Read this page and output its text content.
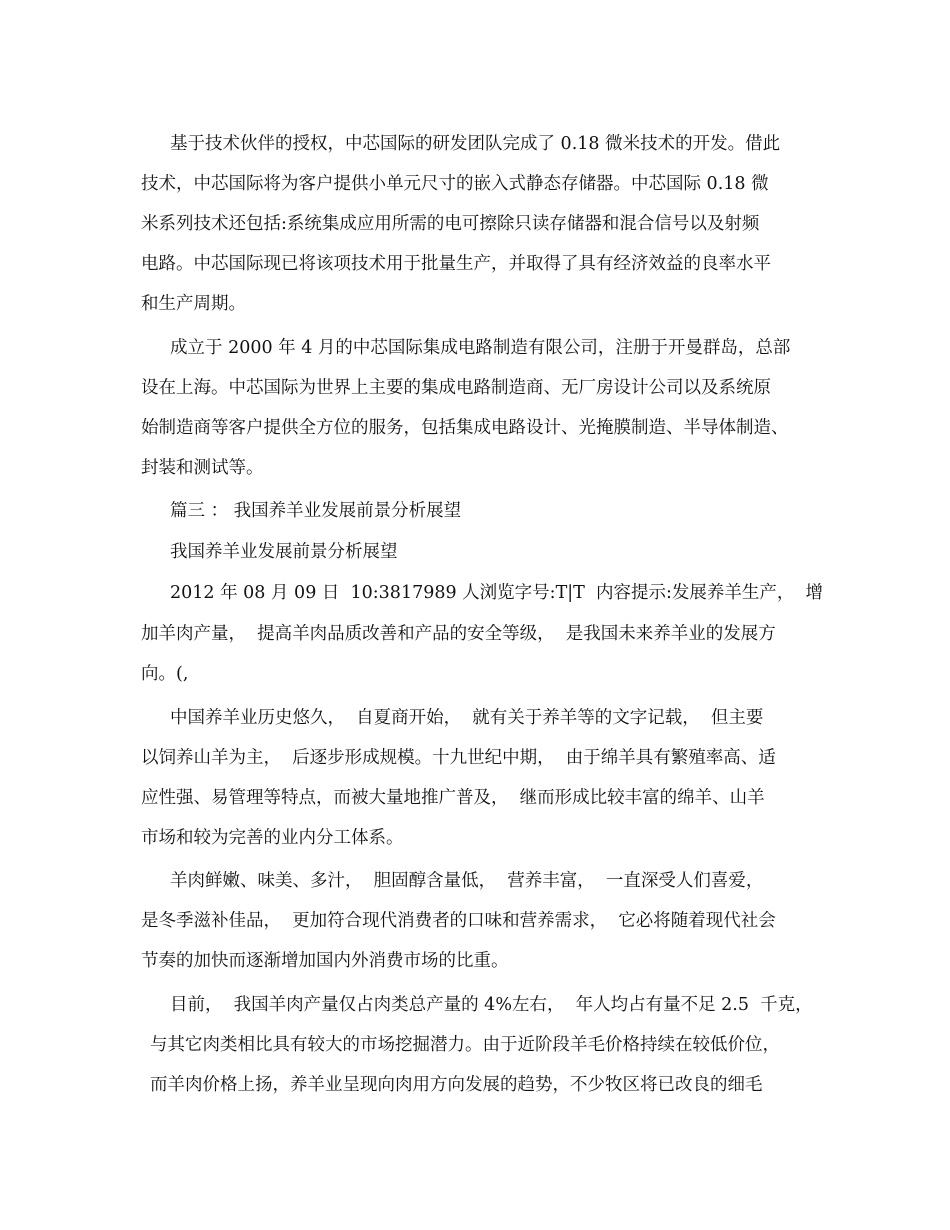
基于技术伙伴的授权，中芯国际的研发团队完成了 0.18 微米技术的开发。借此
技术，中芯国际将为客户提供小单元尺寸的嵌入式静态存储器。中芯国际 0.18 微
米系列技术还包括:系统集成应用所需的电可擦除只读存储器和混合信号以及射频
电路。中芯国际现已将该项技术用于批量生产，并取得了具有经济效益的良率水平
和生产周期。
成立于 2000 年 4 月的中芯国际集成电路制造有限公司，注册于开曼群岛，总部
设在上海。中芯国际为世界上主要的集成电路制造商、无厂房设计公司以及系统原
始制造商等客户提供全方位的服务，包括集成电路设计、光掩膜制造、半导体制造、
封装和测试等。
篇三 ： 我国养羊业发展前景分析展望
我国养羊业发展前景分析展望
2012 年 08 月 09 日  10:3817989 人浏览字号:T|T  内容提示:发展养羊生产，  增
加羊肉产量，  提高羊肉品质改善和产品的安全等级，  是我国未来养羊业的发展方
向。(,
中国养羊业历史悠久，  自夏商开始，  就有关于养羊等的文字记载，  但主要
以饲养山羊为主，  后逐步形成规模。十九世纪中期，  由于绵羊具有繁殖率高、适
应性强、易管理等特点，而被大量地推广普及，  继而形成比较丰富的绵羊、山羊
市场和较为完善的业内分工体系。
羊肉鲜嫩、味美、多汁，  胆固醇含量低，  营养丰富，  一直深受人们喜爱，
是冬季滋补佳品，  更加符合现代消费者的口味和营养需求，  它必将随着现代社会
节奏的加快而逐渐增加国内外消费市场的比重。
目前，  我国羊肉产量仅占肉类总产量的 4%左右，  年人均占有量不足 2.5  千克，
与其它肉类相比具有较大的市场挖掘潜力。由于近阶段羊毛价格持续在较低价位，
而羊肉价格上扬，养羊业呈现向肉用方向发展的趋势，不少牧区将已改良的细毛
